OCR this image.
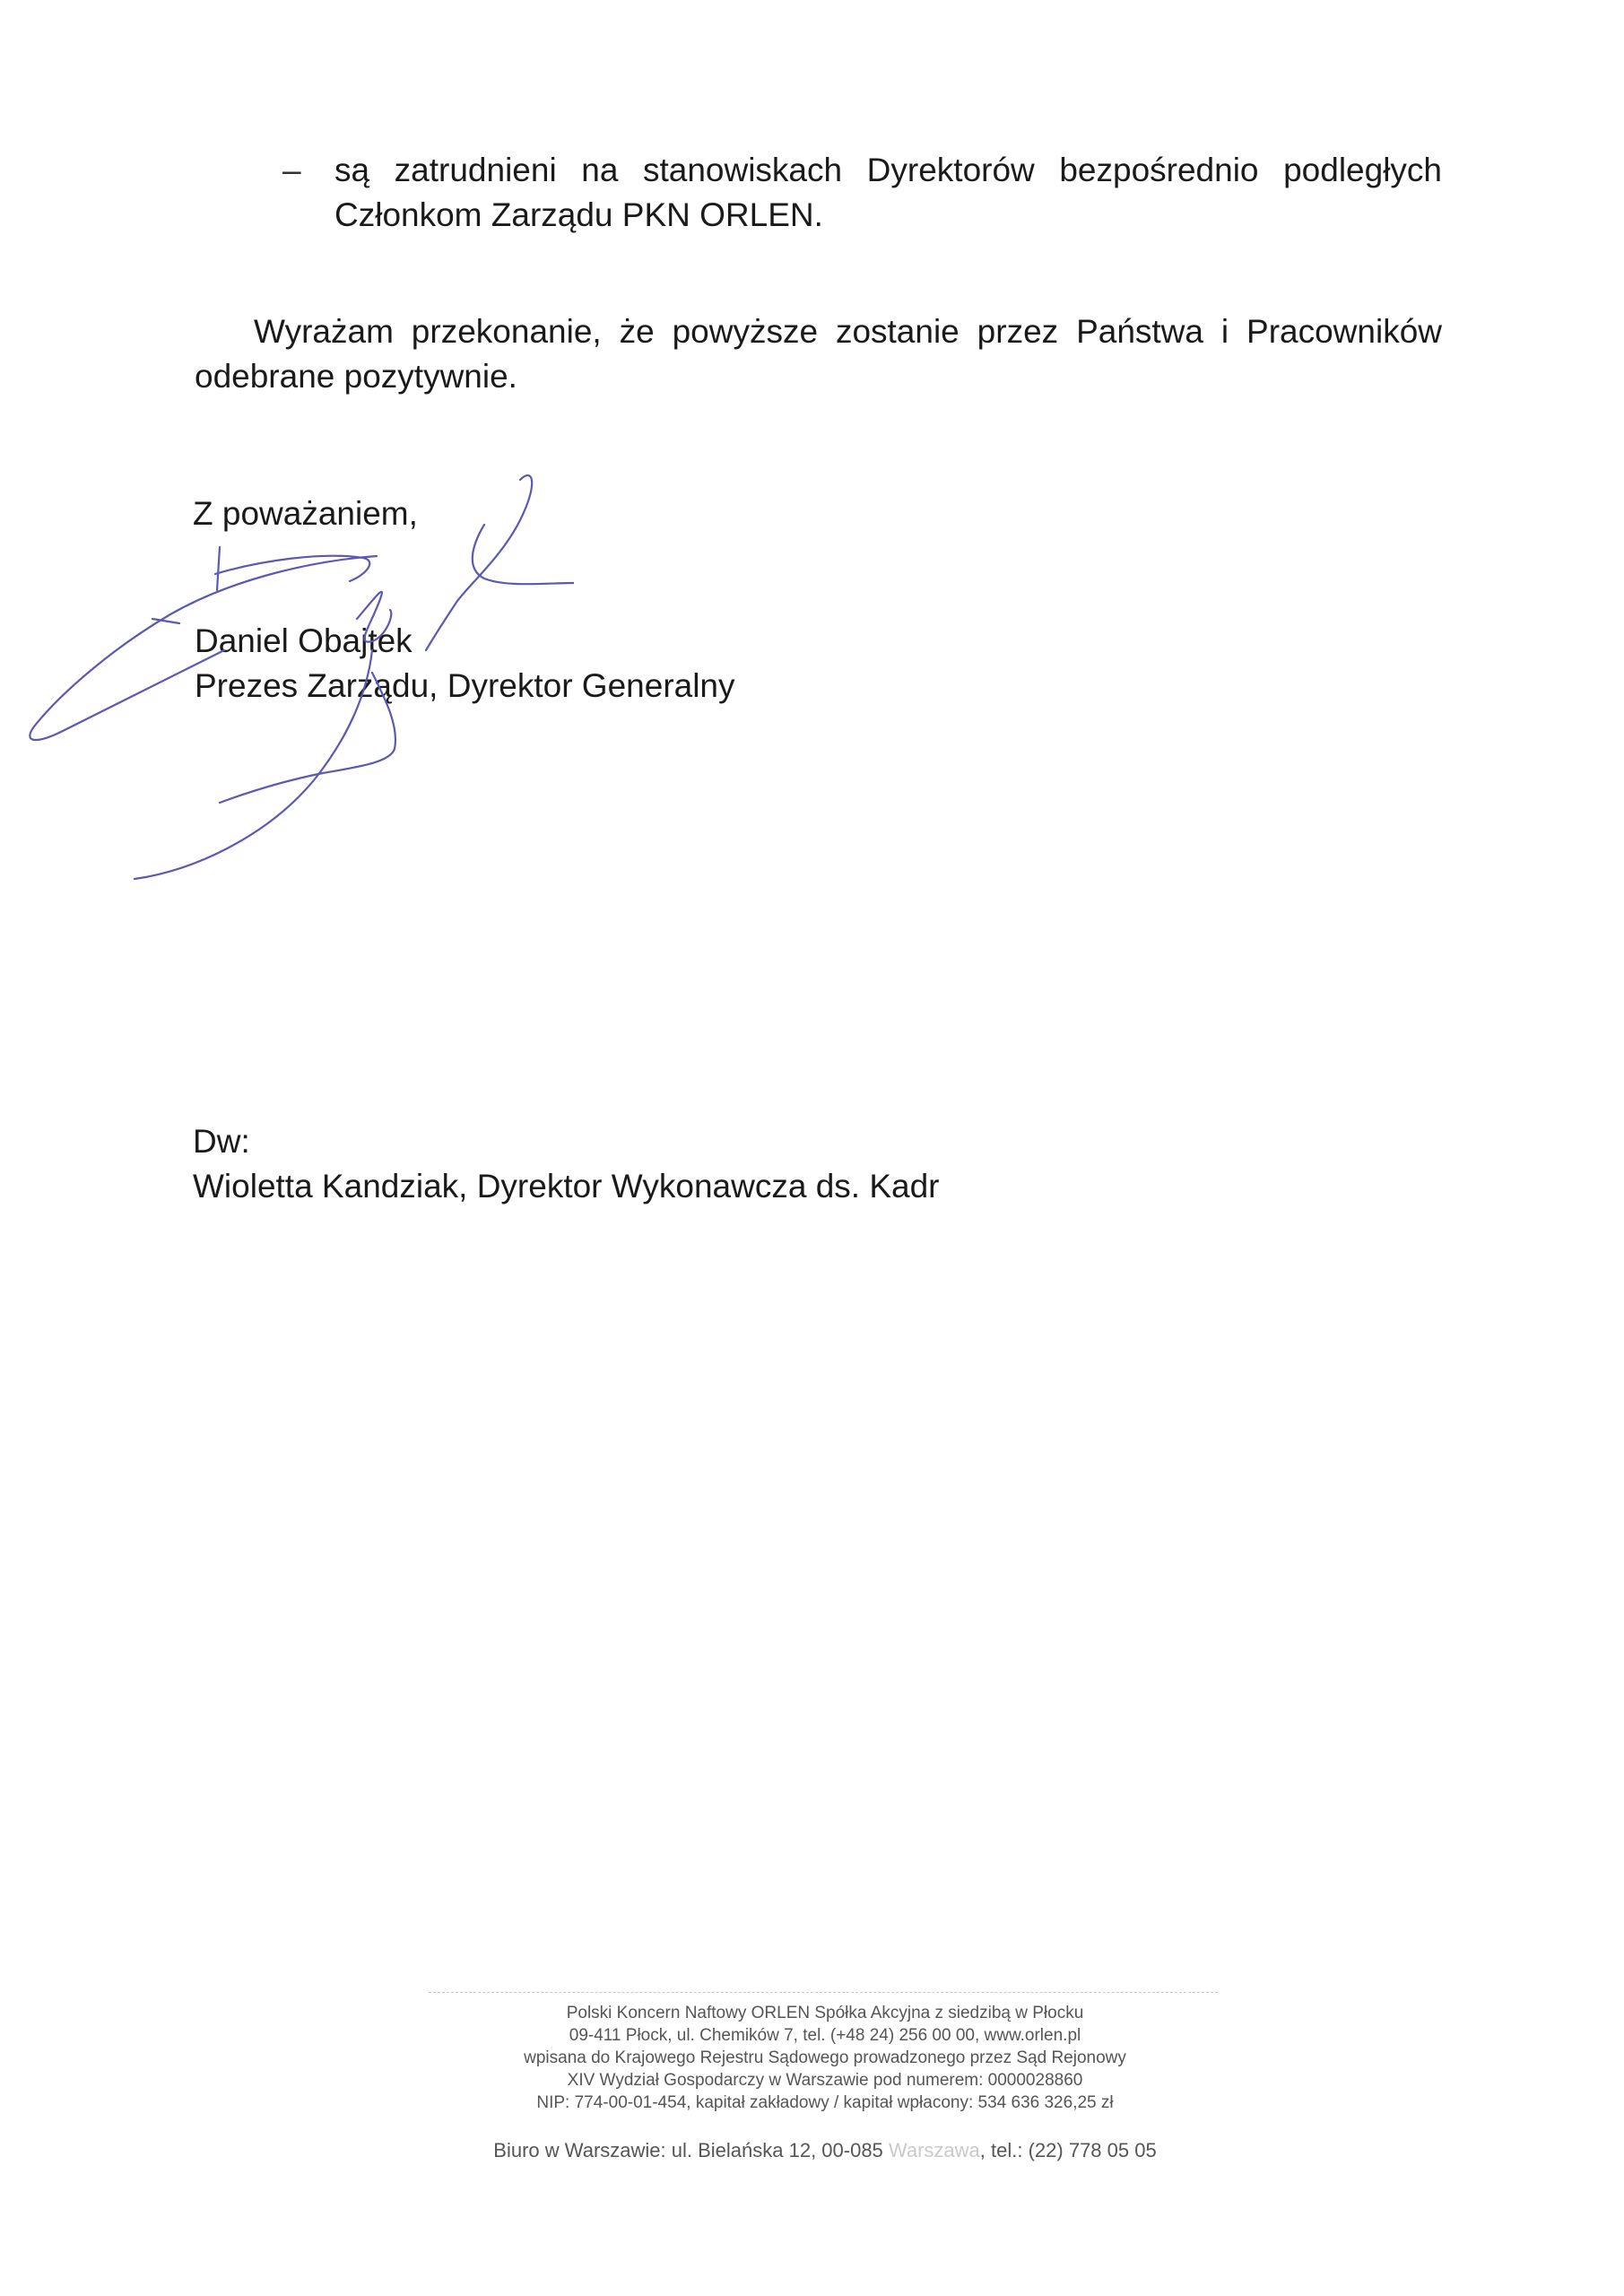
– są zatrudnieni na stanowiskach Dyrektorów bezpośrednio podległych
Członkom Zarządu PKN ORLEN.
Wyrażam przekonanie, że powyższe zostanie przez Państwa i Pracowników
odebrane pozytywnie.
Z poważaniem,
Daniel Obajtek
Prezes Zarządu, Dyrektor Generalny
Dw:
Wioletta Kandziak, Dyrektor Wykonawcza ds. Kadr
Polski Koncern Naftowy ORLEN Spółka Akcyjna z siedzibą w Płocku
09-411 Płock, ul. Chemików 7, tel. (+48 24) 256 00 00, www.orlen.pl
wpisana do Krajowego Rejestru Sądowego prowadzonego przez Sąd Rejonowy
XIV Wydział Gospodarczy w Warszawie pod numerem: 0000028860
NIP: 774-00-01-454, kapitał zakładowy / kapitał wpłacony: 534 636 326,25 zł
Biuro w Warszawie: ul. Bielańska 12, 00-085 Warszawa, tel.: (22) 778 05 05
